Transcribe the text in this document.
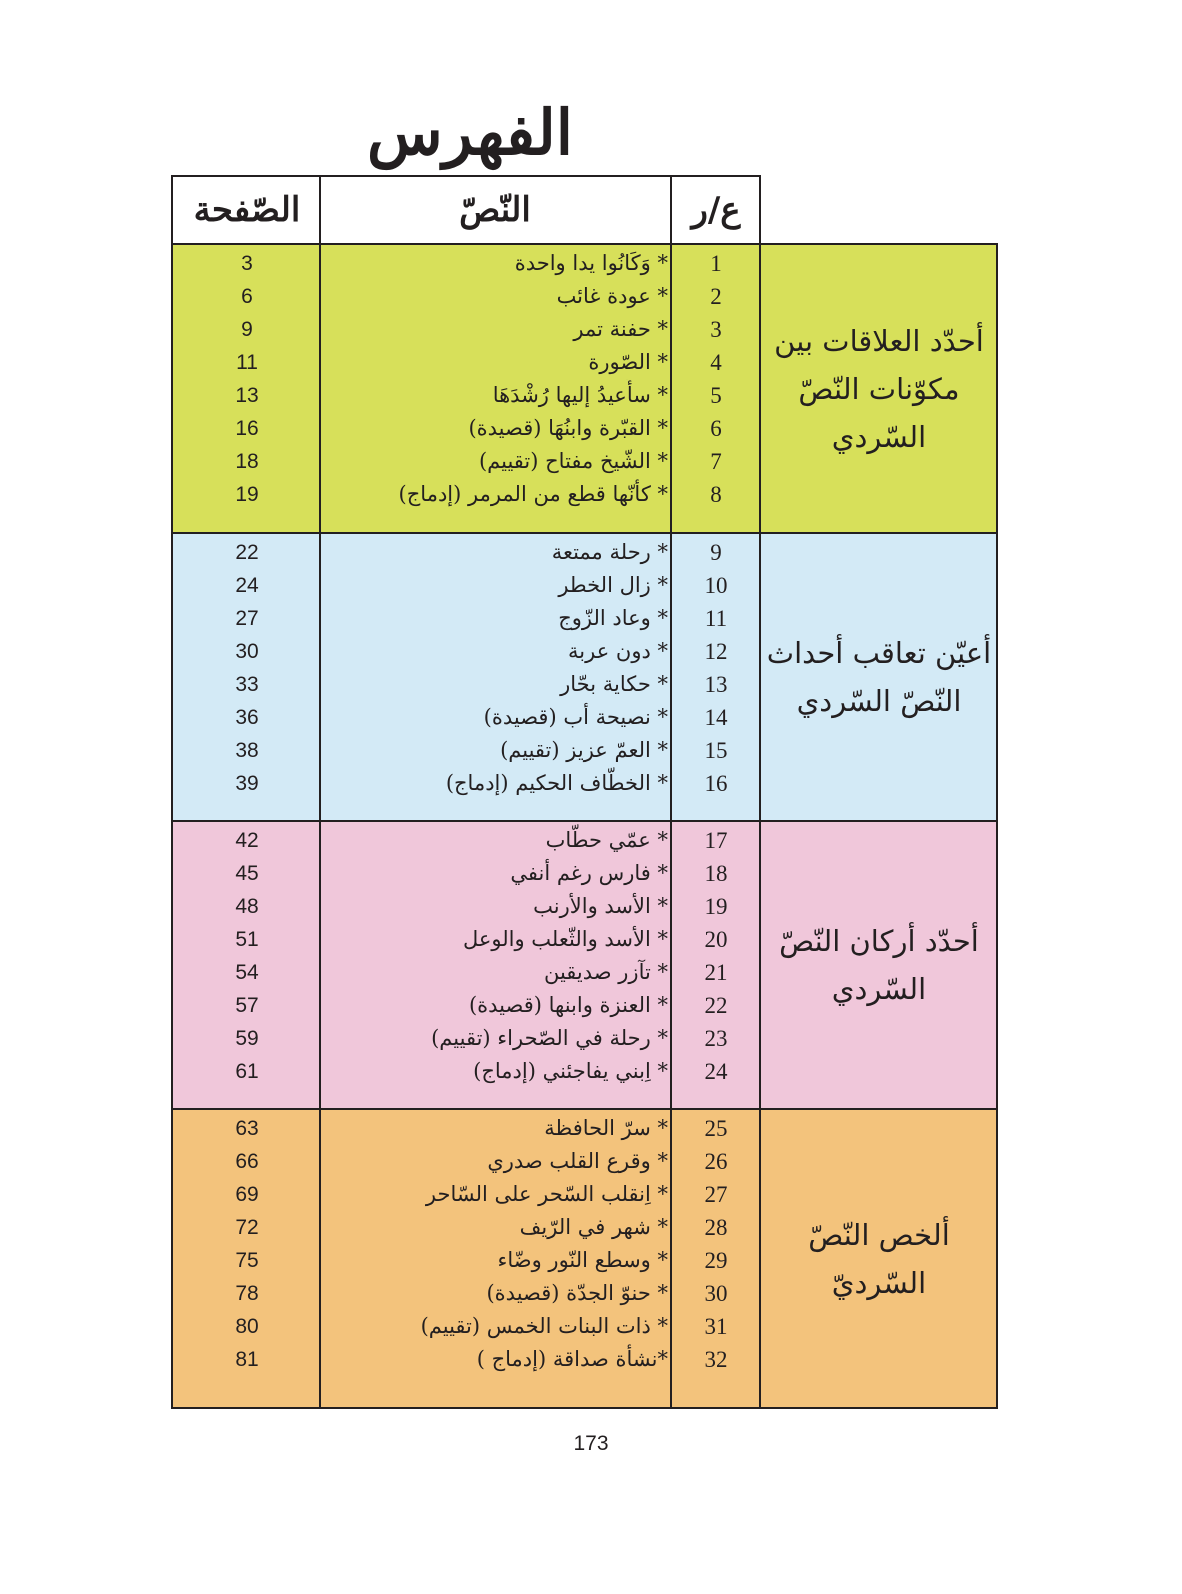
الفهرس
الصّفحة	النّصّ	ع/ر
أحدّد العلاقات بين مكوّنات النّصّ السّردي
3	* وَكَانُوا يدا واحدة	1
6	* عودة غائب	2
9	* حفنة تمر	3
11	* الصّورة	4
13	* سأُعيدُ إليها رُشْدَهَا	5
16	* القبّرة وابنُهَا (قصيدة)	6
18	* الشّيخ مفتاح (تقييم)	7
19	* كأنّها قطع من المرمر (إدماج)	8
أعيّن تعاقب أحداث النّصّ السّردي
22	* رحلة ممتعة	9
24	* زال الخطر	10
27	* وعاد الزّوج	11
30	* دون عربة	12
33	* حكاية بحّار	13
36	* نصيحة أب (قصيدة)	14
38	* العمّ عزيز (تقييم)	15
39	* الخطّاف الحكيم (إدماج)	16
أحدّد أركان النّصّ السّردي
42	* عمّي حطّاب	17
45	* فارس رغم أنفي	18
48	* الأسد والأرنب	19
51	* الأسد والثّعلب والوعل	20
54	* تآزر صديقين	21
57	* العنزة وابنها (قصيدة)	22
59	* رحلة في الصّحراء (تقييم)	23
61	* اِبني يفاجئني (إدماج)	24
ألخص النّصّ السّرديّ
63	* سرّ الحافظة	25
66	* وقرع القلب صدري	26
69	* اِنقلب السّحر على السّاحر	27
72	* شهر في الرّيف	28
75	* وسطع النّور وضّاء	29
78	* حنوّ الجدّة (قصيدة)	30
80	* ذات البنات الخمس (تقييم)	31
81	*نشأة صداقة (إدماج )	32
173
